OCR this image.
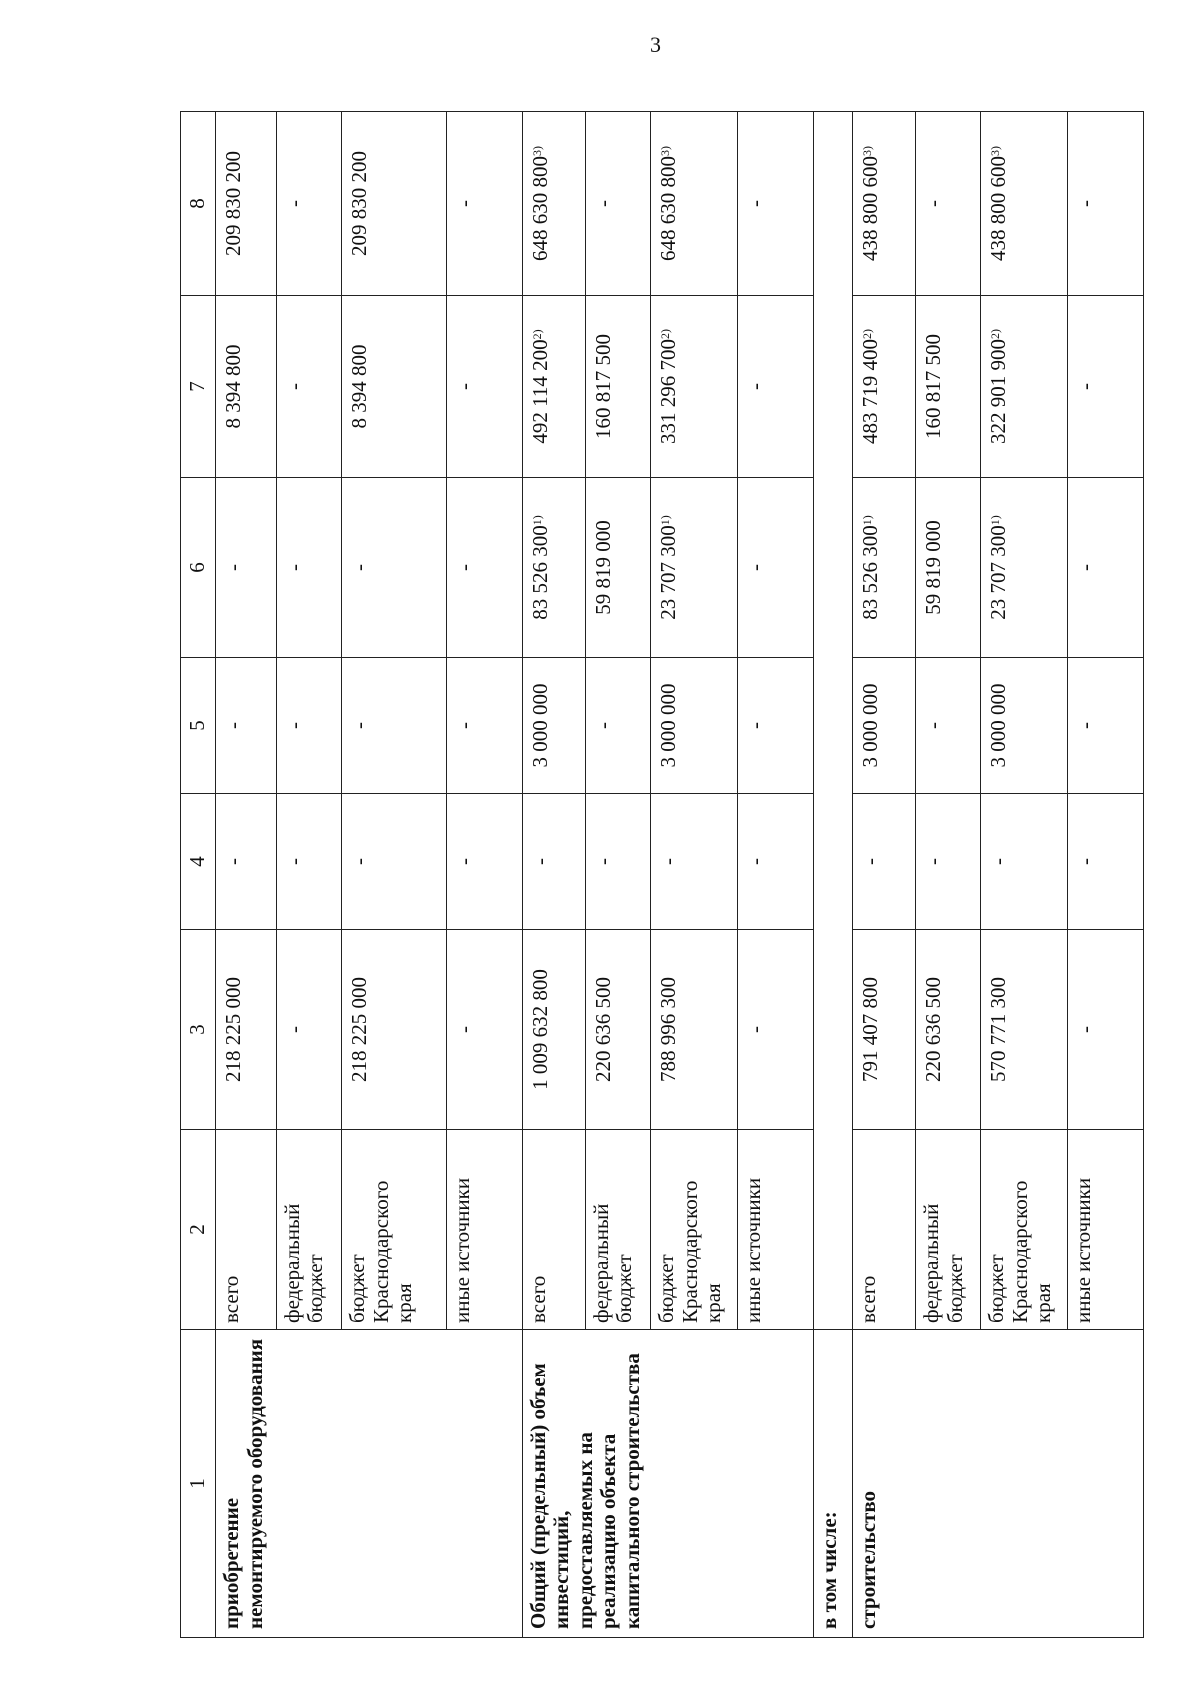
3
1	2	3	4	5	6	7	8
приобретение немонтируемого оборудования	всего	218 225 000	-	-	-	8 394 800	209 830 200
	федеральный бюджет	-	-	-	-	-	-
	бюджет Краснодарского края	218 225 000	-	-	-	8 394 800	209 830 200
	иные источники	-	-	-	-	-	-
Общий (предельный) объем инвестиций, предоставляемых на реализацию объекта капитального строительства	всего	1 009 632 800	-	3 000 000	83 526 300$^{1)}$	492 114 200$^{2)}$	648 630 800$^{3)}$
	федеральный бюджет	220 636 500	-	-	59 819 000	160 817 500	-
	бюджет Краснодарского края	788 996 300	-	3 000 000	23 707 300$^{1)}$	331 296 700$^{2)}$	648 630 800$^{3)}$
	иные источники	-	-	-	-	-	-
в том числе:							
строительство	всего	791 407 800	-	3 000 000	83 526 300$^{1)}$	483 719 400$^{2)}$	438 800 600$^{3)}$
	федеральный бюджет	220 636 500	-	-	59 819 000	160 817 500	-
	бюджет Краснодарского края	570 771 300	-	3 000 000	23 707 300$^{1)}$	322 901 900$^{2)}$	438 800 600$^{3)}$
	иные источники	-	-	-	-	-	-
